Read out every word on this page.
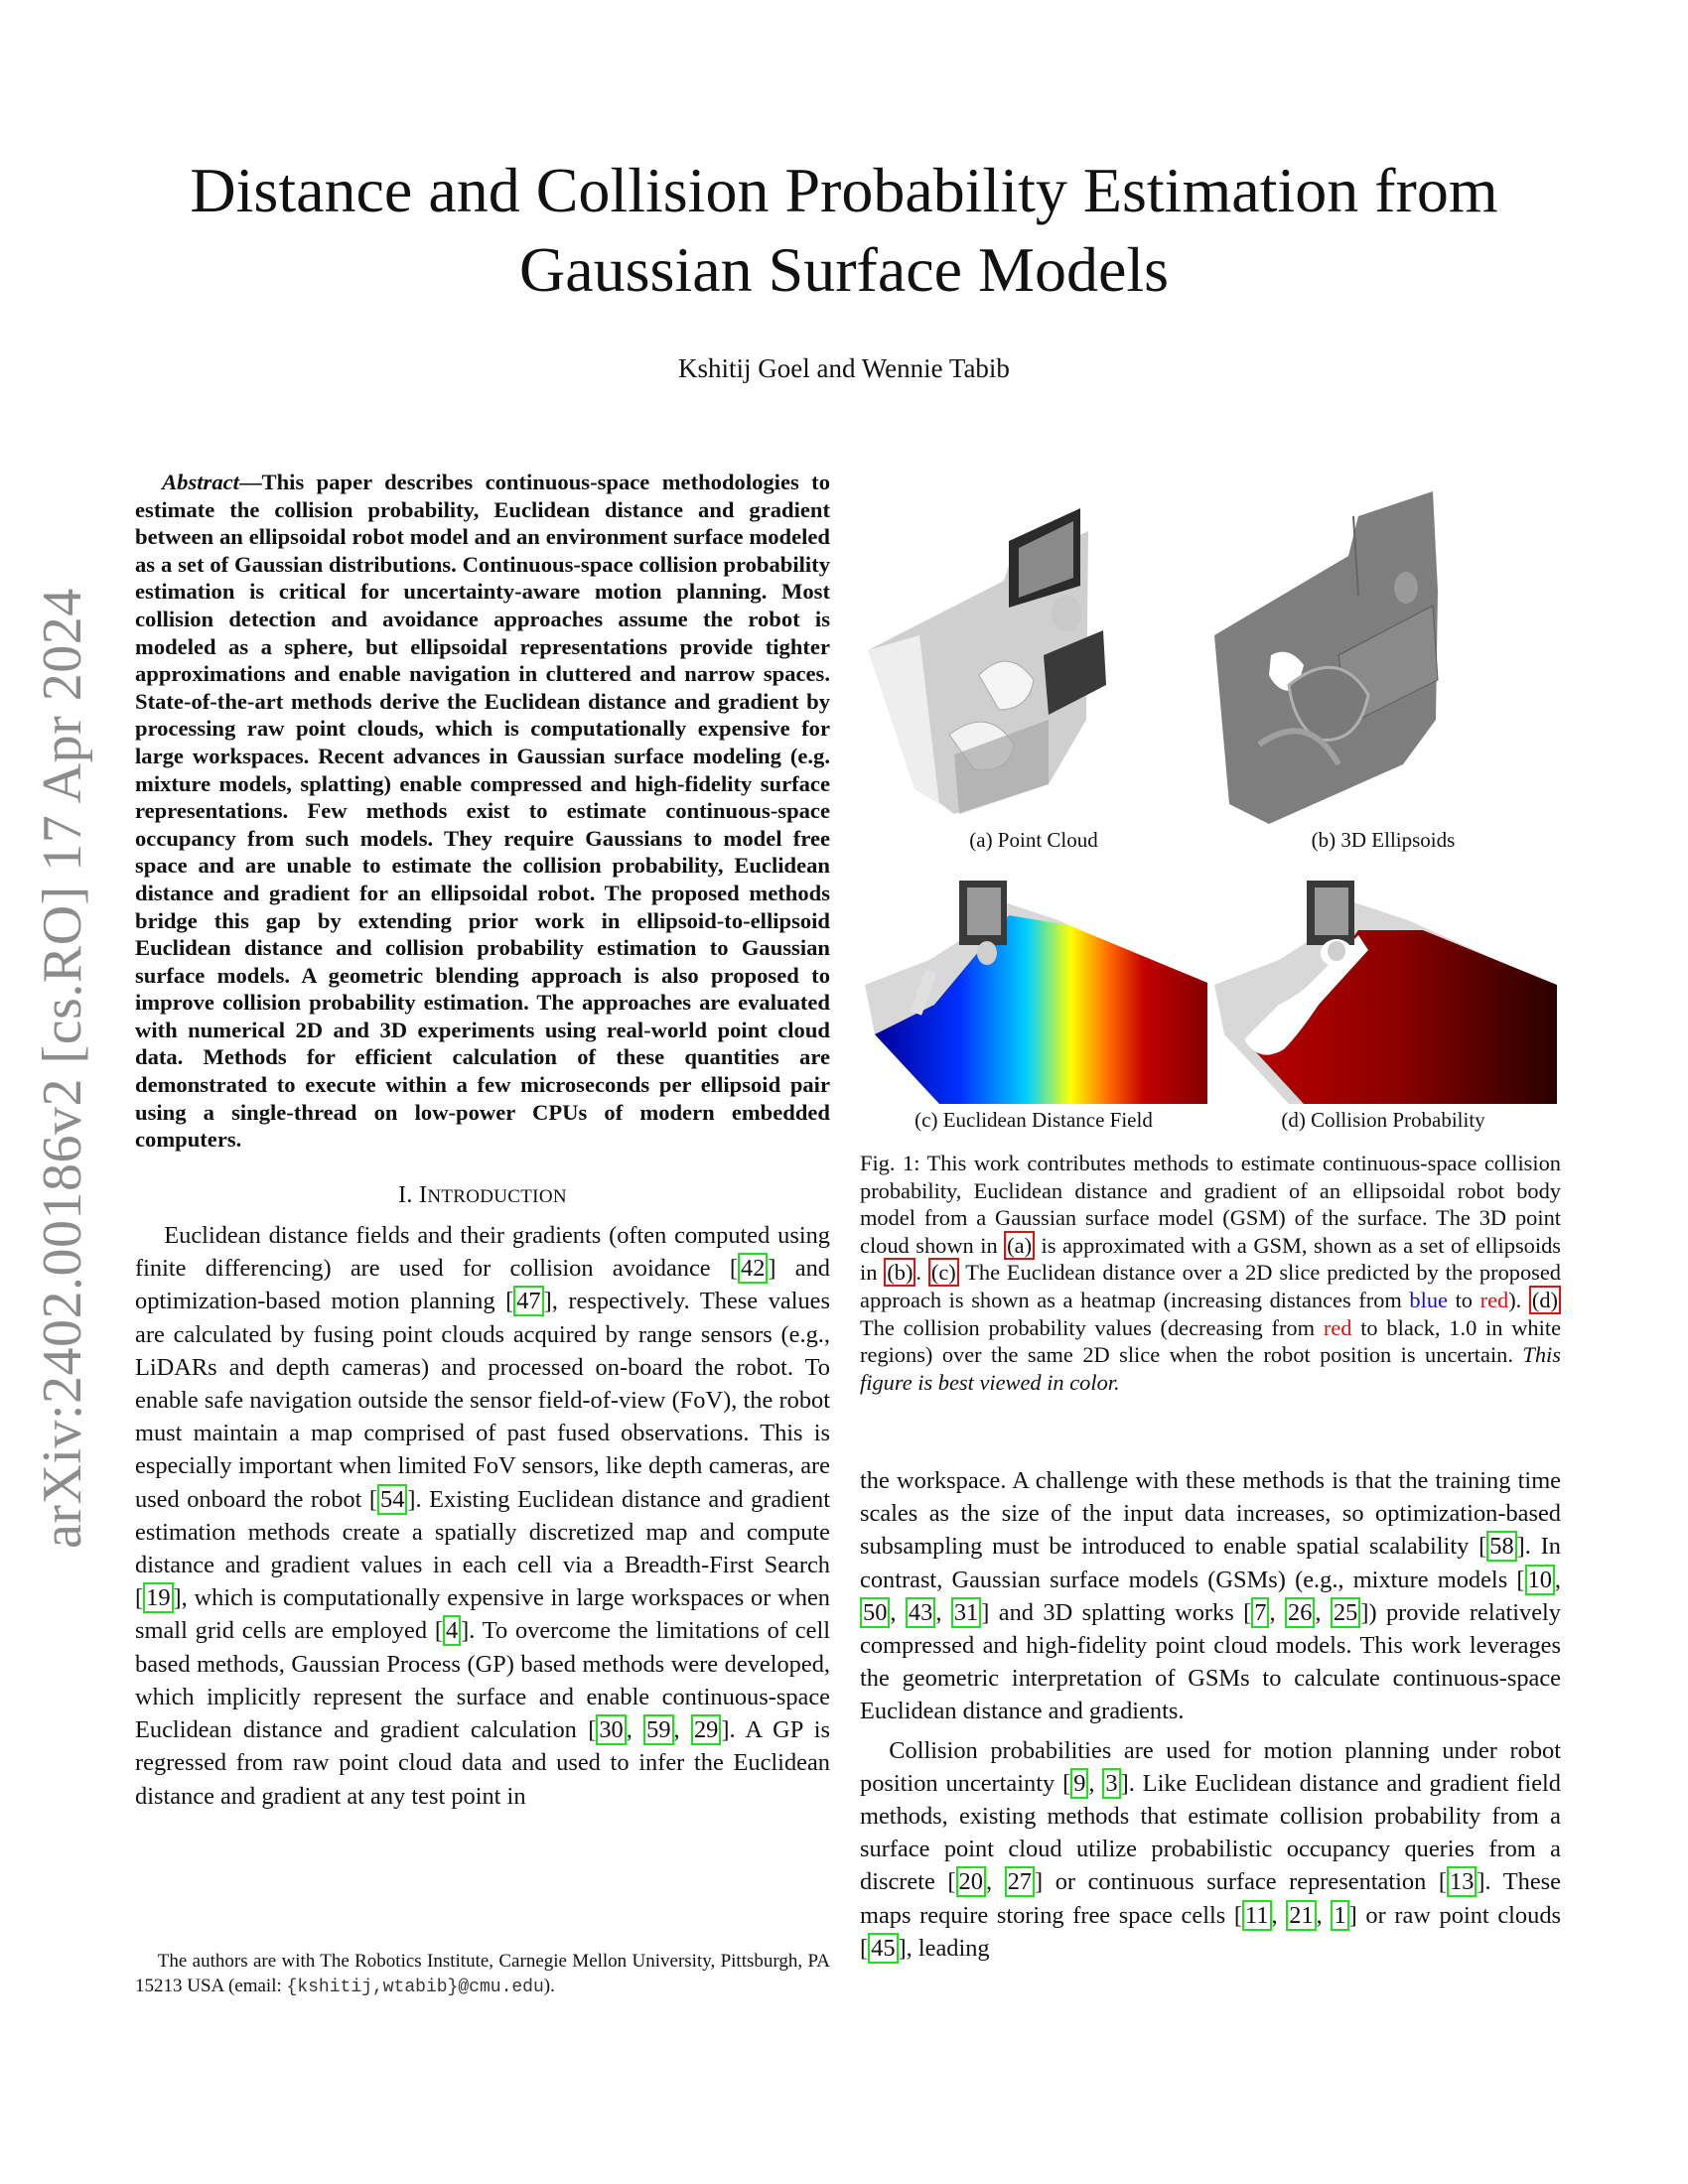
arXiv:2402.00186v2 [cs.RO] 17 Apr 2024
Distance and Collision Probability Estimation from
Gaussian Surface Models
Kshitij Goel and Wennie Tabib

Abstract—This paper describes continuous-space methodologies to estimate the collision probability, Euclidean distance and gradient between an ellipsoidal robot model and an environment surface modeled as a set of Gaussian distributions. Continuous-space collision probability estimation is critical for uncertainty-aware motion planning. Most collision detection and avoidance approaches assume the robot is modeled as a sphere, but ellipsoidal representations provide tighter approximations and enable navigation in cluttered and narrow spaces. State-of-the-art methods derive the Euclidean distance and gradient by processing raw point clouds, which is computationally expensive for large workspaces. Recent advances in Gaussian surface modeling (e.g. mixture models, splatting) enable compressed and high-fidelity surface representations. Few methods exist to estimate continuous-space occupancy from such models. They require Gaussians to model free space and are unable to estimate the collision probability, Euclidean distance and gradient for an ellipsoidal robot. The proposed methods bridge this gap by extending prior work in ellipsoid-to-ellipsoid Euclidean distance and collision probability estimation to Gaussian surface models. A geometric blending approach is also proposed to improve collision probability estimation. The approaches are evaluated with numerical 2D and 3D experiments using real-world point cloud data. Methods for efficient calculation of these quantities are demonstrated to execute within a few microseconds per ellipsoid pair using a single-thread on low-power CPUs of modern embedded computers.

I. INTRODUCTION

Euclidean distance fields and their gradients (often computed using finite differencing) are used for collision avoidance [ 42 ] and optimization-based motion planning [ 47 ], respectively. These values are calculated by fusing point clouds acquired by range sensors (e.g., LiDARs and depth cameras) and processed on-board the robot. To enable safe navigation outside the sensor field-of-view (FoV), the robot must maintain a map comprised of past fused observations. This is especially important when limited FoV sensors, like depth cameras, are used onboard the robot [ 54 ]. Existing Euclidean distance and gradient estimation methods create a spatially discretized map and compute distance and gradient values in each cell via a Breadth-First Search [ 19 ], which is computationally expensive in large workspaces or when small grid cells are employed [ 4 ]. To overcome the limitations of cell based methods, Gaussian Process (GP) based methods were developed, which implicitly represent the surface and enable continuous-space Euclidean distance and gradient calculation [ 30 , 59 , 29 ]. A GP is regressed from raw point cloud data and used to infer the Euclidean distance and gradient at any test point in

The authors are with The Robotics Institute, Carnegie Mellon University, Pittsburgh, PA 15213 USA (email: {kshitij,wtabib}@cmu.edu).

(a) Point Cloud	(b) 3D Ellipsoids
(c) Euclidean Distance Field	(d) Collision Probability

Fig. 1: This work contributes methods to estimate continuous-space collision probability, Euclidean distance and gradient of an ellipsoidal robot body model from a Gaussian surface model (GSM) of the surface. The 3D point cloud shown in (a) is approximated with a GSM, shown as a set of ellipsoids in (b) . (c) The Euclidean distance over a 2D slice predicted by the proposed approach is shown as a heatmap (increasing distances from blue to red). (d) The collision probability values (decreasing from red to black, 1.0 in white regions) over the same 2D slice when the robot position is uncertain. This figure is best viewed in color.

the workspace. A challenge with these methods is that the training time scales as the size of the input data increases, so optimization-based subsampling must be introduced to enable spatial scalability [ 58 ]. In contrast, Gaussian surface models (GSMs) (e.g., mixture models [ 10 , 50 , 43 , 31 ] and 3D splatting works [ 7 , 26 , 25 ]) provide relatively compressed and high-fidelity point cloud models. This work leverages the geometric interpretation of GSMs to calculate continuous-space Euclidean distance and gradients.

Collision probabilities are used for motion planning under robot position uncertainty [ 9 , 3 ]. Like Euclidean distance and gradient field methods, existing methods that estimate collision probability from a surface point cloud utilize probabilistic occupancy queries from a discrete [ 20 , 27 ] or continuous surface representation [ 13 ]. These maps require storing free space cells [ 11 , 21 , 1 ] or raw point clouds [ 45 ], leading
